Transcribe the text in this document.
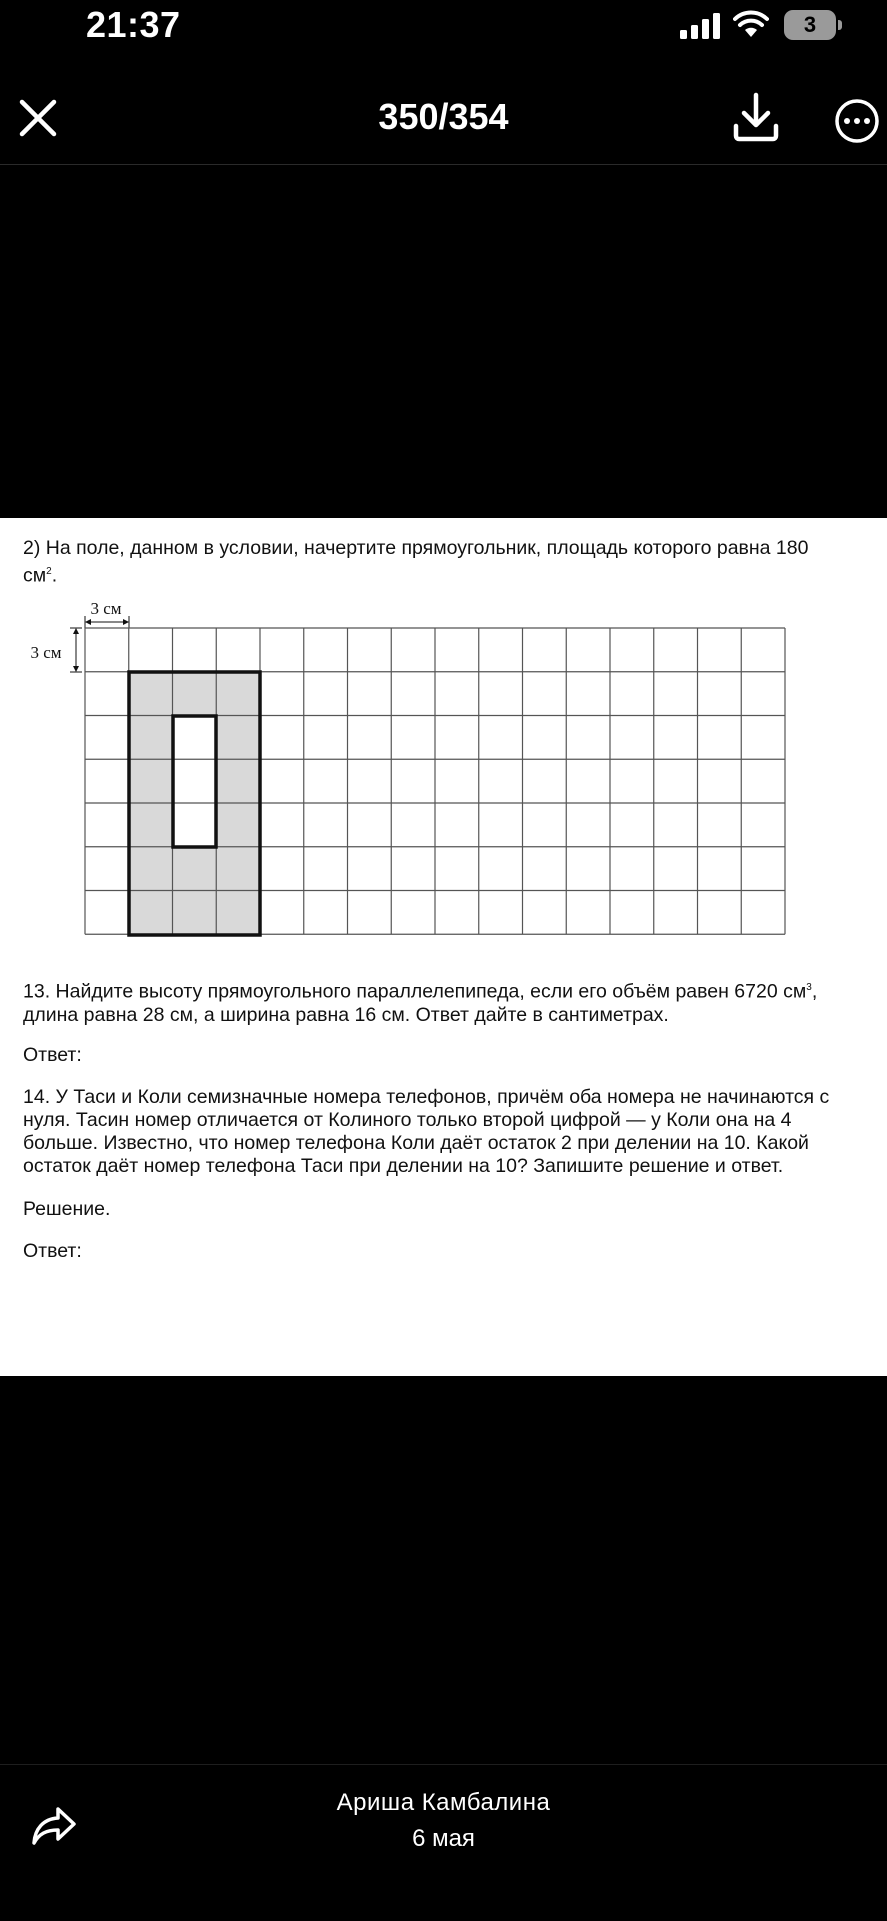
21:37	3
350/354

2) На поле, данном в условии, начертите прямоугольник, площадь которого равна 180
$см^2$.

3 см
3 см

13. Найдите высоту прямоугольного параллелепипеда, если его объём равен 6720 $см^3$,
длина равна 28 см, а ширина равна 16 см. Ответ дайте в сантиметрах.

Ответ:

14. У Таси и Коли семизначные номера телефонов, причём оба номера не начинаются с нуля. Тасин номер отличается от Колиного только второй цифрой — у Коли она на 4 больше. Известно, что номер телефона Коли даёт остаток 2 при делении на 10. Какой остаток даёт номер телефона Таси при делении на 10? Запишите решение и ответ.

Решение.

Ответ:

Ариша Камбалина
6 мая
